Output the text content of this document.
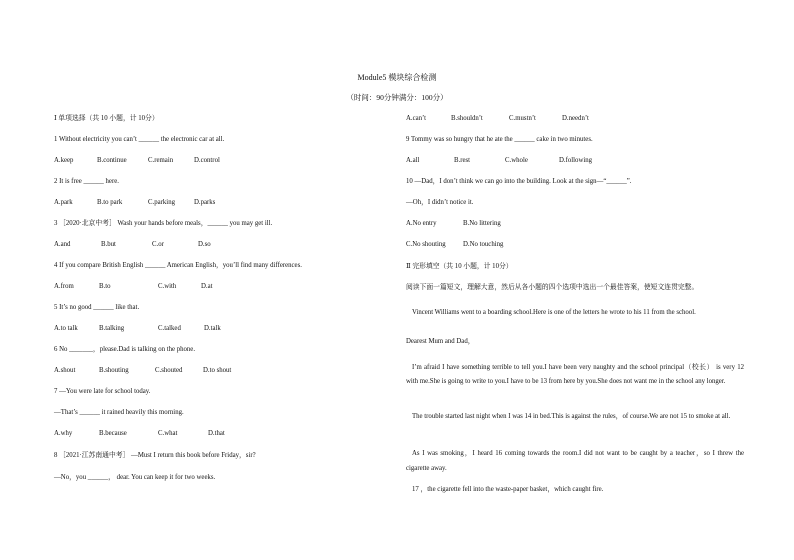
Module5 模块综合检测
（时间：90分钟满分：100分）
Ⅰ 单项选择（共 10 小题，计 10分）
1 Without electricity you can’t ______ the electronic car at all.
A.keep	B.continue	C.remain	D.control
2 It is free ______ here.
A.park	B.to park	C.parking	D.parks
3 ［2020·北京中考］ Wash your hands before meals，______ you may get ill.
A.and	B.but	C.or	D.so
4 If you compare British English ______ American English，you’ll find many differences.
A.from	B.to	C.with	D.at
5 It’s no good ______ like that.
A.to talk	B.talking	C.talked	D.talk
6 No _______，please.Dad is talking on the phone.
A.shout	B.shouting	C.shouted	D.to shout
7 —You were late for school today.
—That’s ______ it rained heavily this morning.
A.why	B.because	C.what	D.that
8 ［2021·江苏南通中考］ —Must I return this book before Friday，sir?
—No，you ______， dear. You can keep it for two weeks.
A.can’t	B.shouldn’t	C.mustn’t	D.needn’t
9 Tommy was so hungry that he ate the ______ cake in two minutes.
A.all	B.rest	C.whole	D.following
10 —Dad，I don’t think we can go into the building. Look at the sign—“______”.
—Oh，I didn’t notice it.
A.No entry	B.No littering
C.No shouting	D.No touching
Ⅱ 完形填空（共 10 小题，计 10分）
阅读下面一篇短文，理解大意，然后从各小题的四个选项中选出一个最佳答案，使短文连贯完整。
Vincent Williams went to a boarding school.Here is one of the letters he wrote to his 11 from the school.
Dearest Mum and Dad，
I’m afraid I have something terrible to tell you.I have been very naughty and the school principal（校长） is very 12 with me.She is going to write to you.I have to be 13 from here by you.She does not want me in the school any longer.
The trouble started last night when I was 14 in bed.This is against the rules，of course.We are not 15 to smoke at all.
As I was smoking，I heard 16 coming towards the room.I did not want to be caught by a teacher，so I threw the cigarette away.
17 ，the cigarette fell into the waste-paper basket，which caught fire.
